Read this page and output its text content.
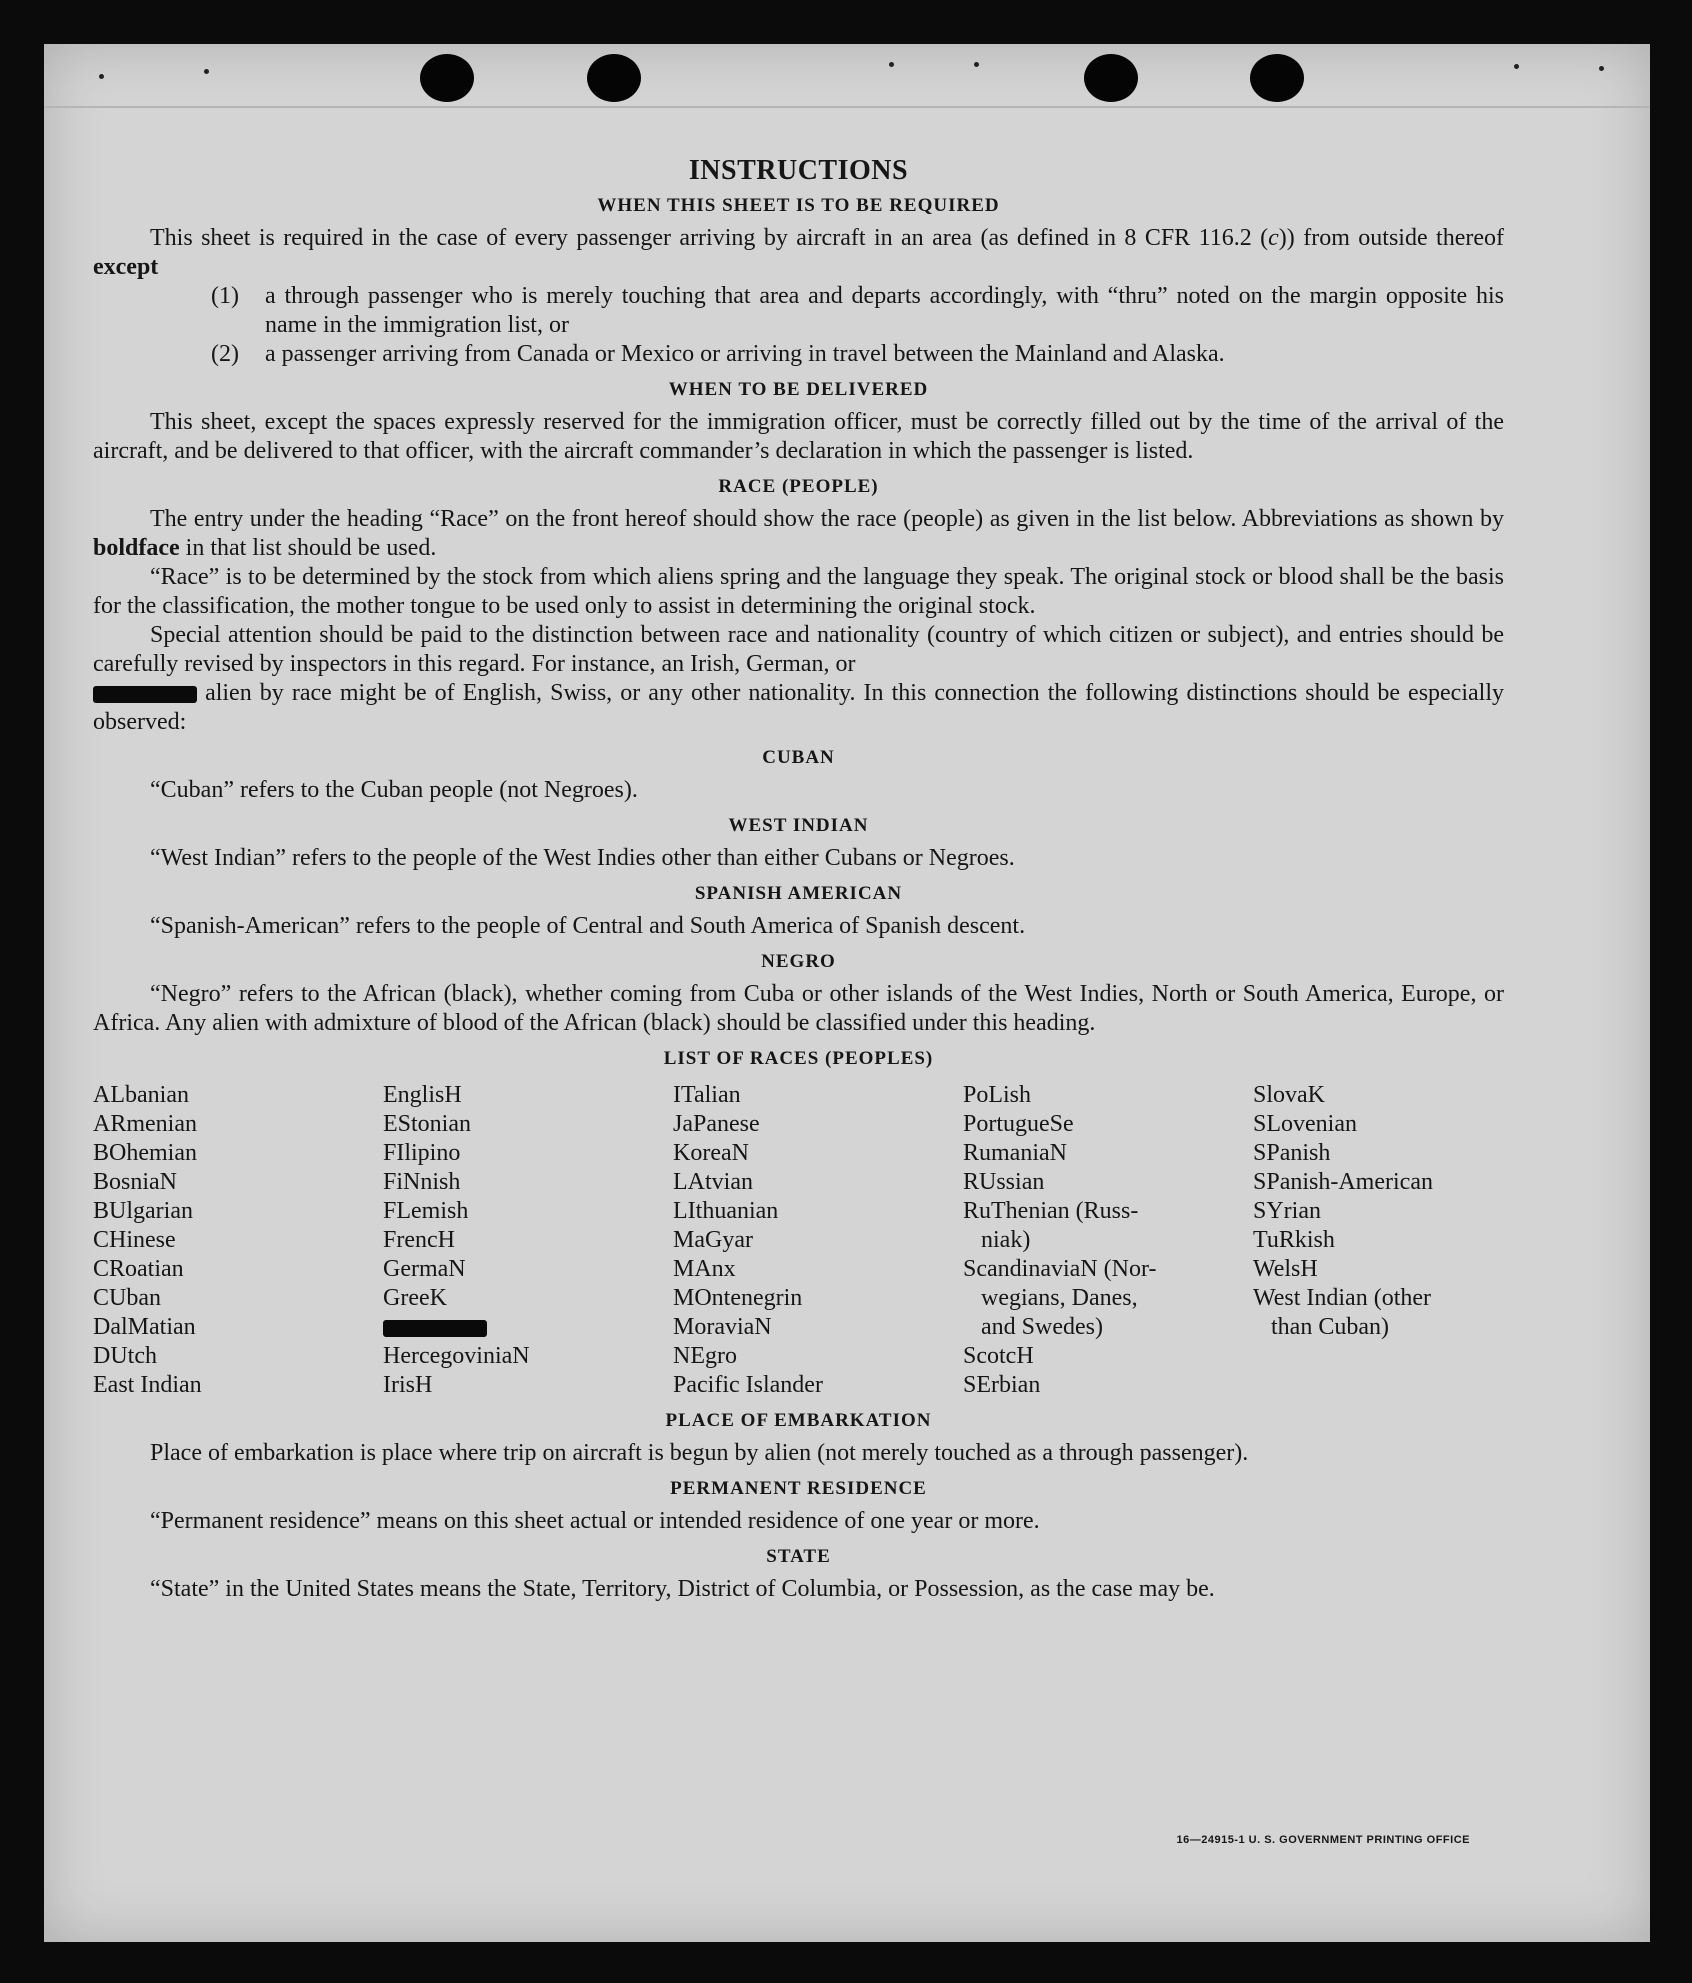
INSTRUCTIONS
WHEN THIS SHEET IS TO BE REQUIRED

This sheet is required in the case of every passenger arriving by aircraft in an area (as defined in 8 CFR 116.2 (c)) from outside thereof except

(1)	a through passenger who is merely touching that area and departs accordingly, with “thru” noted on the margin opposite his name in the immigration list, or
(2)	a passenger arriving from Canada or Mexico or arriving in travel between the Mainland and Alaska.
WHEN TO BE DELIVERED

This sheet, except the spaces expressly reserved for the immigration officer, must be correctly filled out by the time of the arrival of the aircraft, and be delivered to that officer, with the aircraft commander’s declaration in which the passenger is listed.

RACE (PEOPLE)

The entry under the heading “Race” on the front hereof should show the race (people) as given in the list below. Abbreviations as shown by boldface in that list should be used.

“Race” is to be determined by the stock from which aliens spring and the language they speak. The original stock or blood shall be the basis for the classification, the mother tongue to be used only to assist in determining the original stock.

Special attention should be paid to the distinction between race and nationality (country of which citizen or subject), and entries should be carefully revised by inspectors in this regard. For instance, an Irish, German, or
alien by race might be of English, Swiss, or any other nationality. In this connection the following distinctions should be especially observed:

CUBAN

“Cuban” refers to the Cuban people (not Negroes).

WEST INDIAN

“West Indian” refers to the people of the West Indies other than either Cubans or Negroes.

SPANISH AMERICAN

“Spanish-American” refers to the people of Central and South America of Spanish descent.

NEGRO

“Negro” refers to the African (black), whether coming from Cuba or other islands of the West Indies, North or South America, Europe, or Africa. Any alien with admixture of blood of the African (black) should be classified under this heading.

LIST OF RACES (PEOPLES)
ALbanian
ARmenian
BOhemian
BosniaN
BUlgarian
CHinese
CRoatian
CUban
DalMatian
DUtch
East Indian
EnglisH
EStonian
FIlipino
FiNnish
FLemish
FrencH
GermaN
GreeK
HercegoviniaN
IrisH
ITalian
JaPanese
KoreaN
LAtvian
LIthuanian
MaGyar
MAnx
MOntenegrin
MoraviaN
NEgro
Pacific Islander
PoLish
PortugueSe
RumaniaN
RUssian
RuThenian (Russ-
niak)
ScandinaviaN (Nor-
wegians, Danes,
and Swedes)
ScotcH
SErbian
SlovaK
SLovenian
SPanish
SPanish-American
SYrian
TuRkish
WelsH
West Indian (other
than Cuban)
PLACE OF EMBARKATION

Place of embarkation is place where trip on aircraft is begun by alien (not merely touched as a through passenger).

PERMANENT RESIDENCE

“Permanent residence” means on this sheet actual or intended residence of one year or more.

STATE

“State” in the United States means the State, Territory, District of Columbia, or Possession, as the case may be.

16—24915-1 U. S. GOVERNMENT PRINTING OFFICE
